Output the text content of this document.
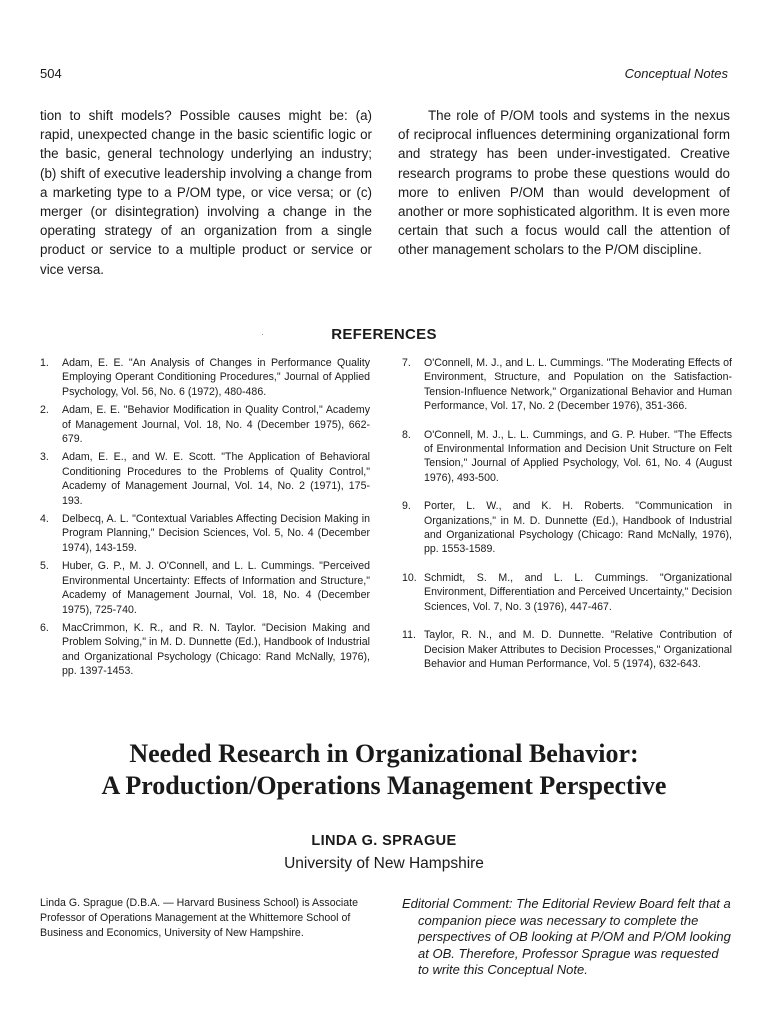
504	Conceptual Notes

tion to shift models? Possible causes might be: (a) rapid, unexpected change in the basic scientific logic or the basic, general technology underlying an industry; (b) shift of executive leadership involving a change from a marketing type to a P/OM type, or vice versa; or (c) merger (or disintegration) involving a change in the operating strategy of an organization from a single product or service to a multiple product or service or vice versa.

The role of P/OM tools and systems in the nexus of reciprocal influences determining organizational form and strategy has been under-investigated. Creative research programs to probe these questions would do more to enliven P/OM than would development of another or more sophisticated algorithm. It is even more certain that such a focus would call the attention of other management scholars to the P/OM discipline.

REFERENCES
1.	Adam, E. E. "An Analysis of Changes in Performance Quality Employing Operant Conditioning Procedures," Journal of Applied Psychology, Vol. 56, No. 6 (1972), 480-486.
2.	Adam, E. E. "Behavior Modification in Quality Control," Academy of Management Journal, Vol. 18, No. 4 (December 1975), 662-679.
3.	Adam, E. E., and W. E. Scott. "The Application of Behavioral Conditioning Procedures to the Problems of Quality Control," Academy of Management Journal, Vol. 14, No. 2 (1971), 175-193.
4.	Delbecq, A. L. "Contextual Variables Affecting Decision Making in Program Planning," Decision Sciences, Vol. 5, No. 4 (December 1974), 143-159.
5.	Huber, G. P., M. J. O'Connell, and L. L. Cummings. "Perceived Environmental Uncertainty: Effects of Information and Structure," Academy of Management Journal, Vol. 18, No. 4 (December 1975), 725-740.
6.	MacCrimmon, K. R., and R. N. Taylor. "Decision Making and Problem Solving," in M. D. Dunnette (Ed.), Handbook of Industrial and Organizational Psychology (Chicago: Rand McNally, 1976), pp. 1397-1453.
7.	O'Connell, M. J., and L. L. Cummings. "The Moderating Effects of Environment, Structure, and Population on the Satisfaction-Tension-Influence Network," Organizational Behavior and Human Performance, Vol. 17, No. 2 (December 1976), 351-366.
8.	O'Connell, M. J., L. L. Cummings, and G. P. Huber. "The Effects of Environmental Information and Decision Unit Structure on Felt Tension," Journal of Applied Psychology, Vol. 61, No. 4 (August 1976), 493-500.
9.	Porter, L. W., and K. H. Roberts. "Communication in Organizations," in M. D. Dunnette (Ed.), Handbook of Industrial and Organizational Psychology (Chicago: Rand McNally, 1976), pp. 1553-1589.
10. Schmidt, S. M., and L. L. Cummings. "Organizational Environment, Differentiation and Perceived Uncertainty," Decision Sciences, Vol. 7, No. 3 (1976), 447-467.
11. Taylor, R. N., and M. D. Dunnette. "Relative Contribution of Decision Maker Attributes to Decision Processes," Organizational Behavior and Human Performance, Vol. 5 (1974), 632-643.
Needed Research in Organizational Behavior:
A Production/Operations Management Perspective
LINDA G. SPRAGUE
University of New Hampshire
Linda G. Sprague (D.B.A. — Harvard Business School) is Associate Professor of Operations Management at the Whittemore School of Business and Economics, University of New Hampshire.

Editorial Comment: The Editorial Review Board felt that a companion piece was necessary to complete the perspectives of OB looking at P/OM and P/OM looking at OB. Therefore, Professor Sprague was requested to write this Conceptual Note.
